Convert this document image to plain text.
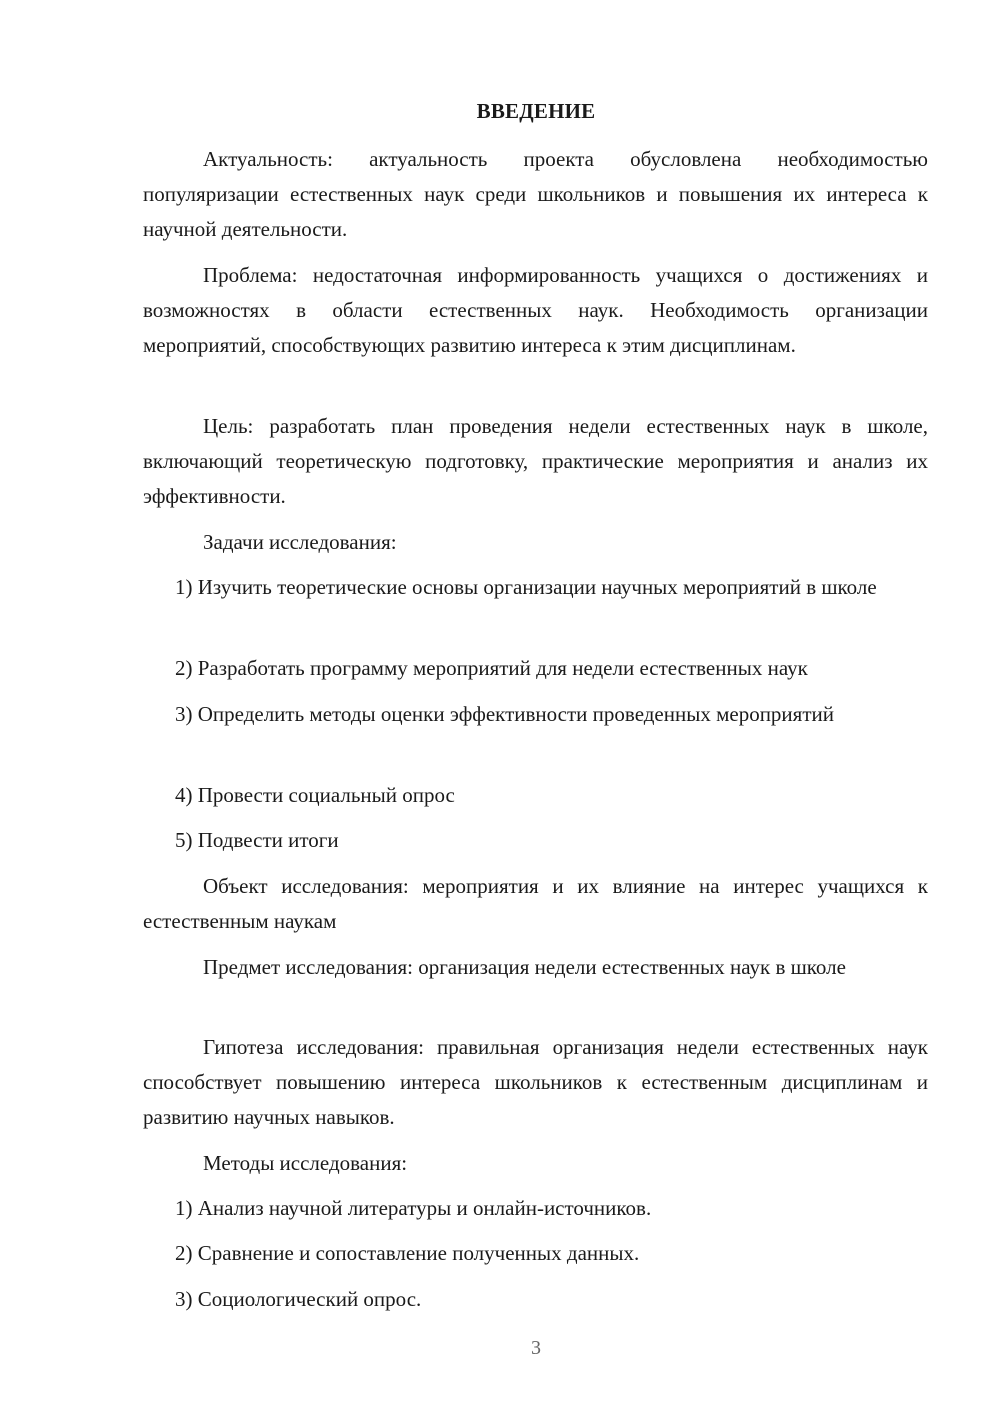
ВВЕДЕНИЕ

Актуальность: актуальность проекта обусловлена необходимостью популяризации естественных наук среди школьников и повышения их интереса к научной деятельности.

Проблема: недостаточная информированность учащихся о достижениях и возможностях в области естественных наук. Необходимость организации мероприятий, способствующих развитию интереса к этим дисциплинам.

Цель: разработать план проведения недели естественных наук в школе, включающий теоретическую подготовку, практические мероприятия и анализ их эффективности.

Задачи исследования:

1) Изучить теоретические основы организации научных мероприятий в школе

2) Разработать программу мероприятий для недели естественных наук

3) Определить методы оценки эффективности проведенных мероприятий

4) Провести социальный опрос

5) Подвести итоги

Объект исследования: мероприятия и их влияние на интерес учащихся к естественным наукам

Предмет исследования: организация недели естественных наук в школе

Гипотеза исследования: правильная организация недели естественных наук способствует повышению интереса школьников к естественным дисциплинам и развитию научных навыков.

Методы исследования:

1) Анализ научной литературы и онлайн-источников.

2) Сравнение и сопоставление полученных данных.

3) Социологический опрос.

3
